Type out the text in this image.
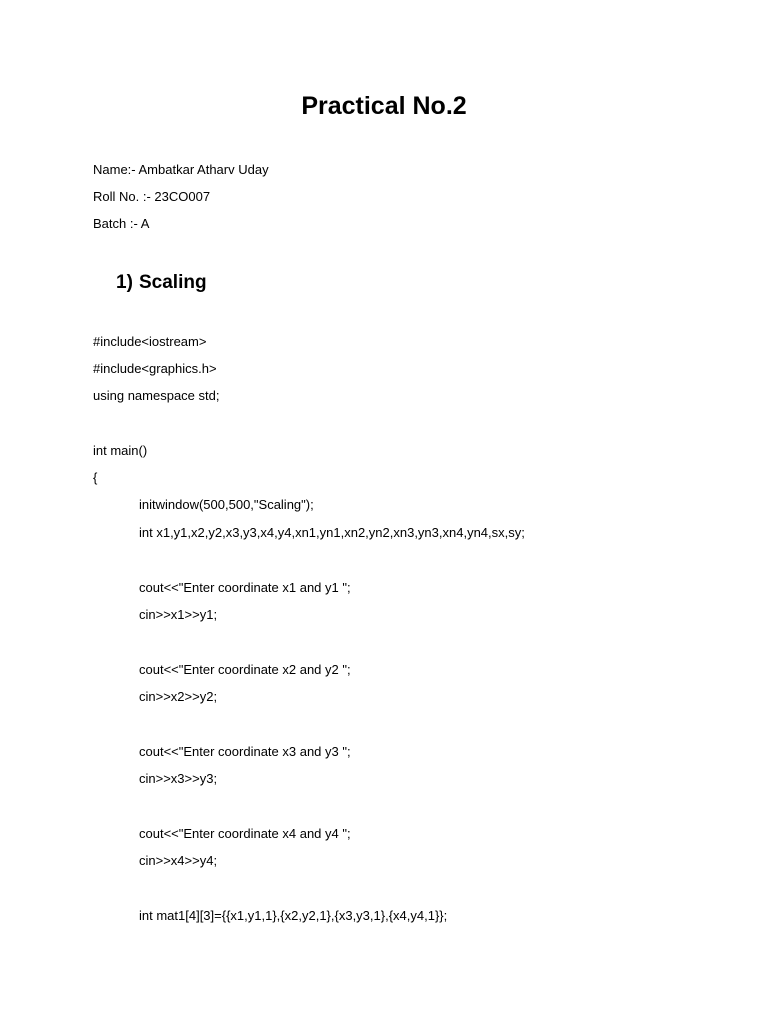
Practical No.2

Name:- Ambatkar Atharv Uday

Roll No. :- 23CO007

Batch :- A

1) Scaling

#include<iostream>

#include<graphics.h>

using namespace std;

int main()

{

initwindow(500,500,"Scaling");

int x1,y1,x2,y2,x3,y3,x4,y4,xn1,yn1,xn2,yn2,xn3,yn3,xn4,yn4,sx,sy;

cout<<"Enter coordinate x1 and y1 ";

cin>>x1>>y1;

cout<<"Enter coordinate x2 and y2 ";

cin>>x2>>y2;

cout<<"Enter coordinate x3 and y3 ";

cin>>x3>>y3;

cout<<"Enter coordinate x4 and y4 ";

cin>>x4>>y4;

int mat1[4][3]={{x1,y1,1},{x2,y2,1},{x3,y3,1},{x4,y4,1}};
